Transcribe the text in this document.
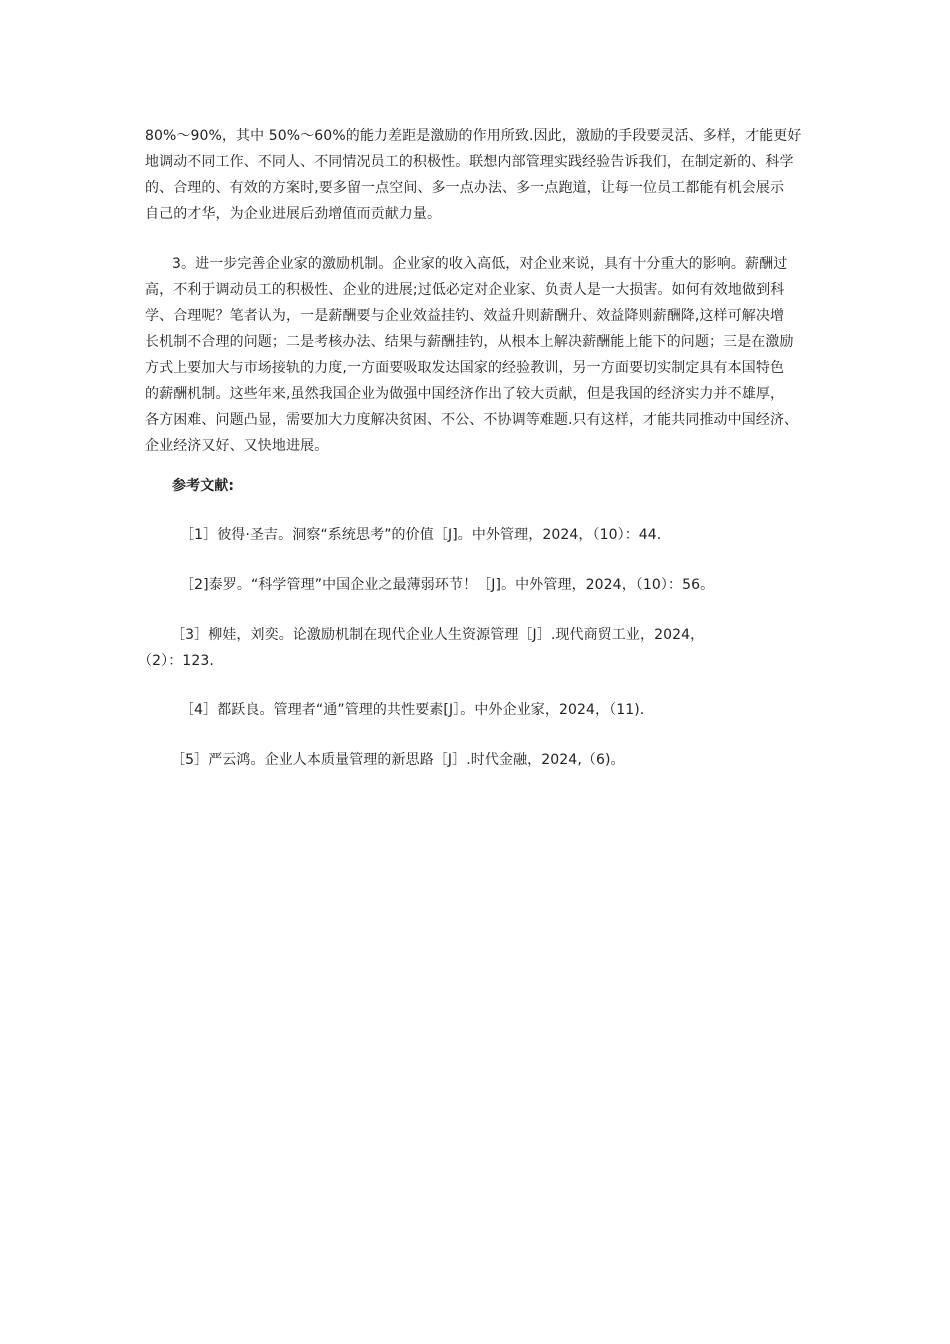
80%～90%，其中 50%～60%的能力差距是激励的作用所致.因此，激励的手段要灵活、多样，才能更好
地调动不同工作、不同人、不同情况员工的积极性。联想内部管理实践经验告诉我们，在制定新的、科学
的、合理的、有效的方案时,要多留一点空间、多一点办法、多一点跑道，让每一位员工都能有机会展示
自己的才华，为企业进展后劲增值而贡献力量。
3。进一步完善企业家的激励机制。企业家的收入高低，对企业来说，具有十分重大的影响。薪酬过
高，不利于调动员工的积极性、企业的进展;过低必定对企业家、负责人是一大损害。如何有效地做到科
学、合理呢？笔者认为，一是薪酬要与企业效益挂钓、效益升则薪酬升、效益降则薪酬降,这样可解决增
长机制不合理的问题；二是考核办法、结果与薪酬挂钓，从根本上解决薪酬能上能下的问题；三是在激励
方式上要加大与市场接轨的力度,一方面要吸取发达国家的经验教训，另一方面要切实制定具有本国特色
的薪酬机制。这些年来,虽然我国企业为做强中国经济作出了较大贡献，但是我国的经济实力并不雄厚，
各方困难、问题凸显，需要加大力度解决贫困、不公、不协调等难题.只有这样，才能共同推动中国经济、
企业经济又好、又快地进展。
参考文献:
［1］彼得·圣吉。洞察“系统思考”的价值［J]。中外管理，2024，（10）：44.
［2]泰罗。“科学管理”中国企业之最薄弱环节！［J]。中外管理，2024，（10）：56。
［3］柳娃，刘奕。论激励机制在现代企业人生资源管理［J］.现代商贸工业，2024，
（2）：123.
［4］都跃良。管理者“通”管理的共性要素[J］。中外企业家，2024，（11).
［5］严云鸿。企业人本质量管理的新思路［J］.时代金融，2024,（6)。
